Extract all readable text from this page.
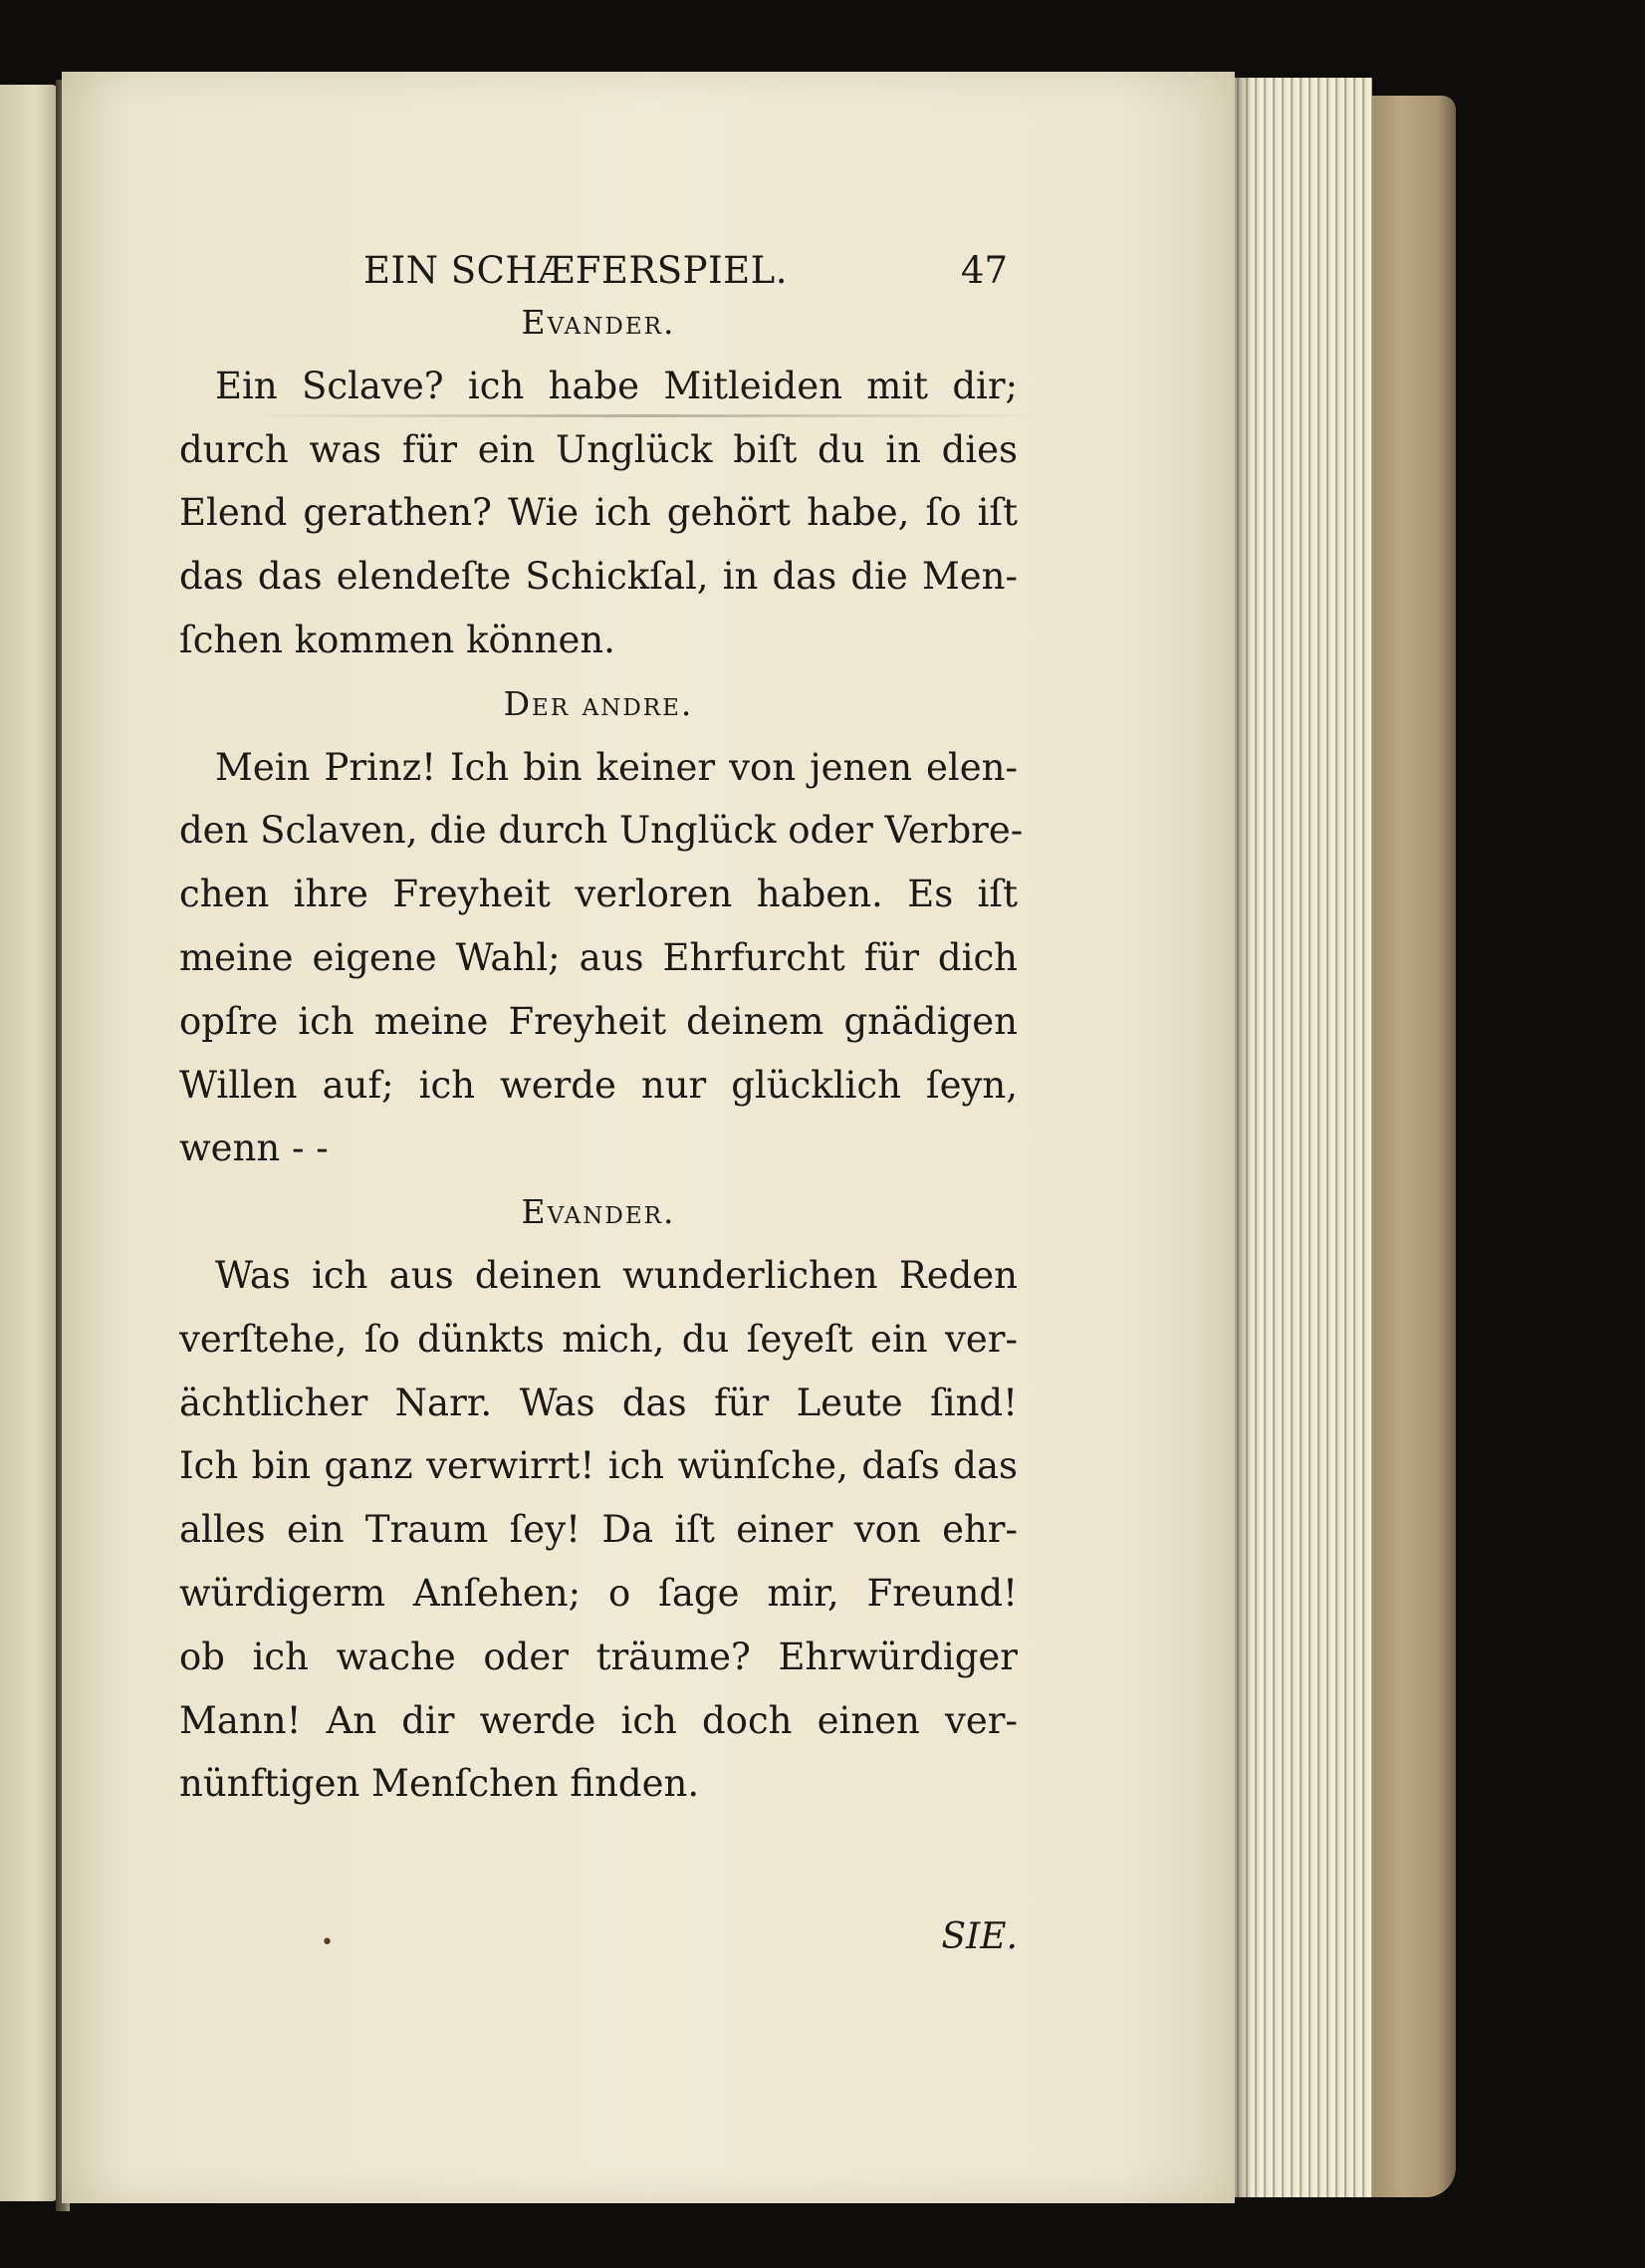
EIN SCHÆFERSPIEL.	47
Evander.
Ein Sclave? ich habe Mitleiden mit dir;
durch was für ein Unglück biſt du in dies
Elend gerathen? Wie ich gehört habe, ſo iſt
das das elendeſte Schickſal, in das die Men-
ſchen kommen können.
Der andre.
Mein Prinz! Ich bin keiner von jenen elen-
den Sclaven, die durch Unglück oder Verbre-
chen ihre Freyheit verloren haben. Es iſt
meine eigene Wahl; aus Ehrfurcht für dich
opſre ich meine Freyheit deinem gnädigen
Willen auf; ich werde nur glücklich ſeyn,
wenn - -
Evander.
Was ich aus deinen wunderlichen Reden
verſtehe, ſo dünkts mich, du ſeyeſt ein ver-
ächtlicher Narr. Was das für Leute ſind!
Ich bin ganz verwirrt! ich wünſche, daſs das
alles ein Traum ſey! Da iſt einer von ehr-
würdigerm Anſehen; o ſage mir, Freund!
ob ich wache oder träume? Ehrwürdiger
Mann! An dir werde ich doch einen ver-
nünftigen Menſchen finden.
•	SIE.
